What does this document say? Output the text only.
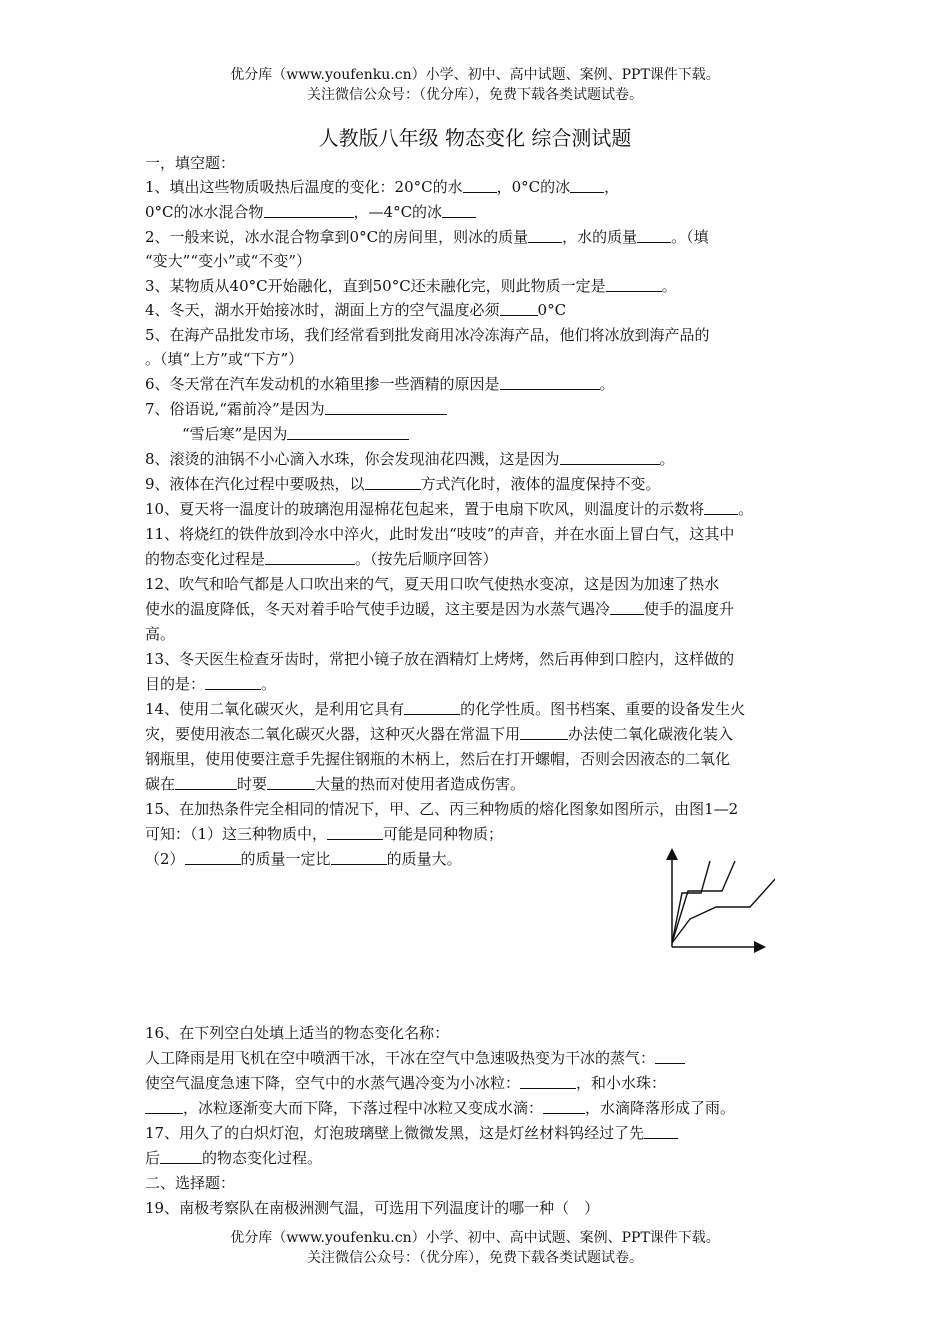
优分库（www.youfenku.cn）小学、初中、高中试题、案例、PPT课件下载。
关注微信公众号：（优分库），免费下载各类试题试卷。
人教版八年级 物态变化 综合测试题
一，填空题：
1、填出这些物质吸热后温度的变化：20°C的水 ，0°C的冰 ，
0°C的冰水混合物	，—4°C的冰
2、一般来说，冰水混合物拿到0°C的房间里，则冰的质量 ，水的质量 。（填
“变大”“变小”或“不变”）
3、某物质从40°C开始融化，直到50°C还未融化完，则此物质一定是	。
4、冬天，湖水开始接冰时，湖面上方的空气温度必须	0°C
5、在海产品批发市场，我们经常看到批发商用冰冷冻海产品，他们将冰放到海产品的
。（填“上方”或“下方”）
6、冬天常在汽车发动机的水箱里掺一些酒精的原因是	。
7、俗语说,“霜前冷”是因为
“雪后寒”是因为
8、滚烫的油锅不小心滴入水珠，你会发现油花四溅，这是因为	。
9、液体在汽化过程中要吸热，以	方式汽化时，液体的温度保持不变。
10、夏天将一温度计的玻璃泡用湿棉花包起来，置于电扇下吹风，则温度计的示数将 。
11、将烧红的铁件放到冷水中淬火，此时发出“吱吱”的声音，并在水面上冒白气，这其中
的物态变化过程是	。（按先后顺序回答）
12、吹气和哈气都是人口吹出来的气，夏天用口吹气使热水变凉，这是因为加速了热水
使水的温度降低，冬天对着手哈气使手边暖，这主要是因为水蒸气遇冷 使手的温度升
高。
13、冬天医生检查牙齿时，常把小镜子放在酒精灯上烤烤，然后再伸到口腔内，这样做的
目的是：	。
14、使用二氧化碳灭火，是利用它具有	的化学性质。图书档案、重要的设备发生火
灾，要使用液态二氧化碳灭火器，这种灭火器在常温下用	办法使二氧化碳液化装入
钢瓶里，使用使要注意手先握住钢瓶的木柄上，然后在打开螺帽，否则会因液态的二氧化
碳在	时要	大量的热而对使用者造成伤害。
15、在加热条件完全相同的情况下，甲、乙、丙三种物质的熔化图象如图所示，由图1—2
可知：（1）这三种物质中，	可能是同种物质；
（2）	的质量一定比	的质量大。
16、在下列空白处填上适当的物态变化名称：
人工降雨是用飞机在空中喷洒干冰，干冰在空气中急速吸热变为干冰的蒸气：
使空气温度急速下降，空气中的水蒸气遇冷变为小冰粒：	，和小水珠：
，冰粒逐渐变大而下降，下落过程中冰粒又变成水滴：	，水滴降落形成了雨。
17、用久了的白炽灯泡，灯泡玻璃壁上微微发黑，这是灯丝材料钨经过了先
后	的物态变化过程。
二、选择题：
19、南极考察队在南极洲测气温，可选用下列温度计的哪一种（　）
优分库（www.youfenku.cn）小学、初中、高中试题、案例、PPT课件下载。
关注微信公众号：（优分库），免费下载各类试题试卷。
